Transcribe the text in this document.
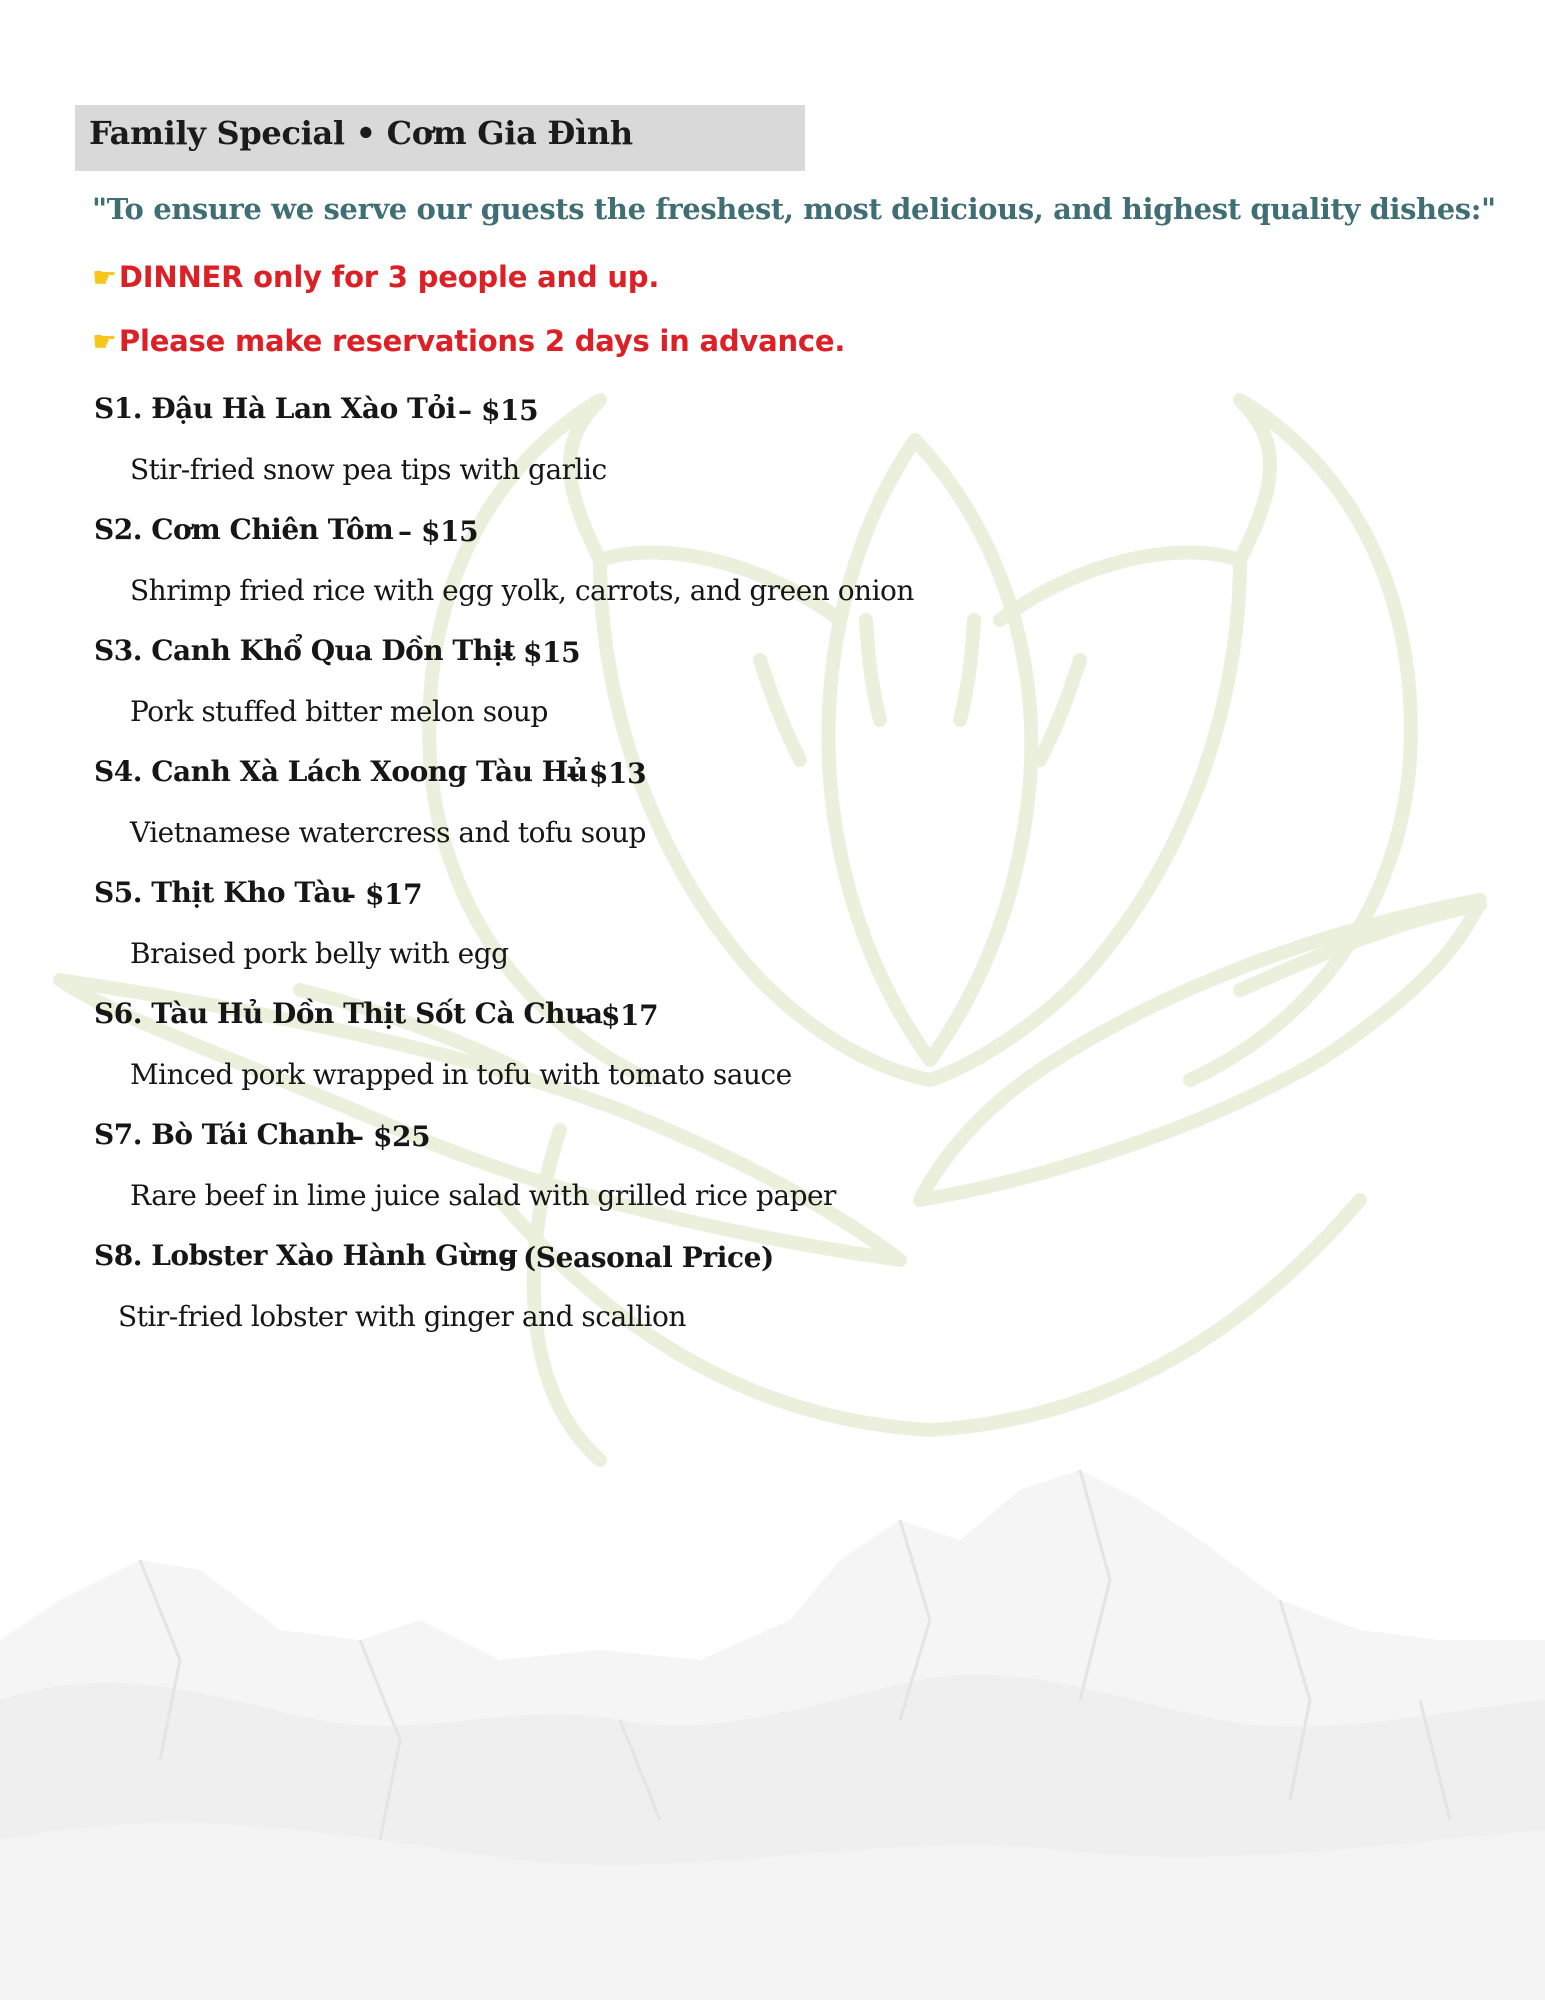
Family Special • Cơm Gia Đình
"To ensure we serve our guests the freshest, most delicious, and highest quality dishes:"
☛DINNER only for 3 people and up.
☛Please make reservations 2 days in advance.
S1. Đậu Hà Lan Xào Tỏi – $15
Stir-fried snow pea tips with garlic
S2. Cơm Chiên Tôm – $15
Shrimp fried rice with egg yolk, carrots, and green onion
S3. Canh Khổ Qua Dồn Thịt
– $15
Pork stuffed bitter melon soup
S4. Canh Xà Lách Xoong Tàu Hủ
– $13
Vietnamese watercress and tofu soup
S5. Thịt Kho Tàu
– $17
Braised pork belly with egg
S6. Tàu Hủ Dồn Thịt Sốt Cà Chua
– $17
Minced pork wrapped in tofu with tomato sauce
S7. Bò Tái Chanh
– $25
Rare beef in lime juice salad with grilled rice paper
S8. Lobster Xào Hành Gừng
– (Seasonal Price)
Stir-fried lobster with ginger and scallion
